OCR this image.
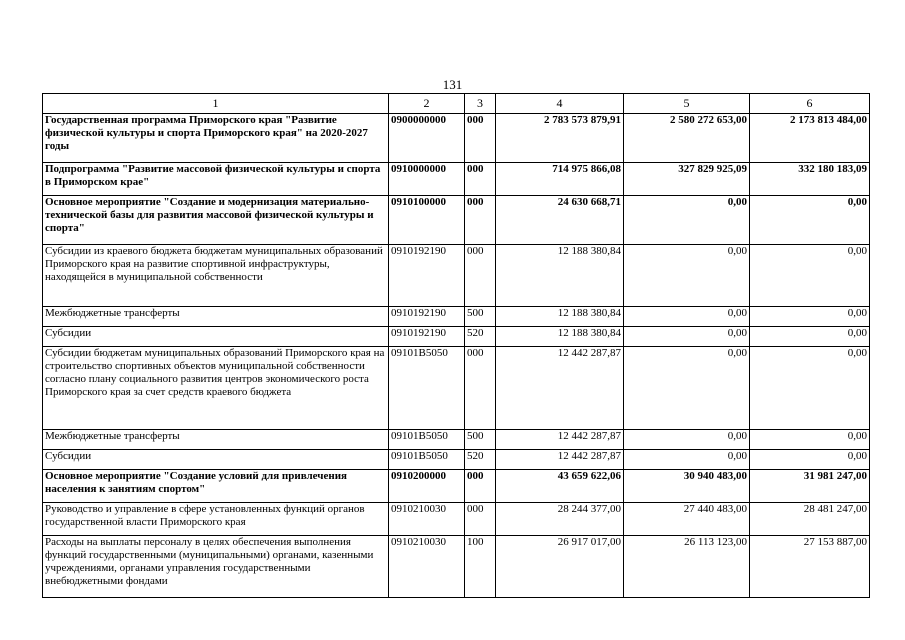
131
1	2	3	4	5	6
Государственная программа Приморского края "Развитие физической культуры и спорта Приморского края" на 2020-2027 годы	0900000000	000	2 783 573 879,91	2 580 272 653,00	2 173 813 484,00
Подпрограмма "Развитие массовой физической культуры и спорта в Приморском крае"	0910000000	000	714 975 866,08	327 829 925,09	332 180 183,09
Основное мероприятие "Создание и модернизация материально-технической базы для развития массовой физической культуры и спорта"	0910100000	000	24 630 668,71	0,00	0,00
Субсидии из краевого бюджета бюджетам муниципальных образований Приморского края на развитие спортивной инфраструктуры, находящейся в муниципальной собственности	0910192190	000	12 188 380,84	0,00	0,00
Межбюджетные трансферты	0910192190	500	12 188 380,84	0,00	0,00
Субсидии	0910192190	520	12 188 380,84	0,00	0,00
Субсидии бюджетам муниципальных образований Приморского края на строительство спортивных объектов муниципальной собственности согласно плану социального развития центров экономического роста Приморского края за счет средств краевого бюджета	09101B5050	000	12 442 287,87	0,00	0,00
Межбюджетные трансферты	09101B5050	500	12 442 287,87	0,00	0,00
Субсидии	09101B5050	520	12 442 287,87	0,00	0,00
Основное мероприятие "Создание условий для привлечения населения к занятиям спортом"	0910200000	000	43 659 622,06	30 940 483,00	31 981 247,00
Руководство и управление в сфере установленных функций органов государственной власти Приморского края	0910210030	000	28 244 377,00	27 440 483,00	28 481 247,00
Расходы на выплаты персоналу в целях обеспечения выполнения функций государственными (муниципальными) органами, казенными учреждениями, органами управления государственными внебюджетными фондами	0910210030	100	26 917 017,00	26 113 123,00	27 153 887,00
